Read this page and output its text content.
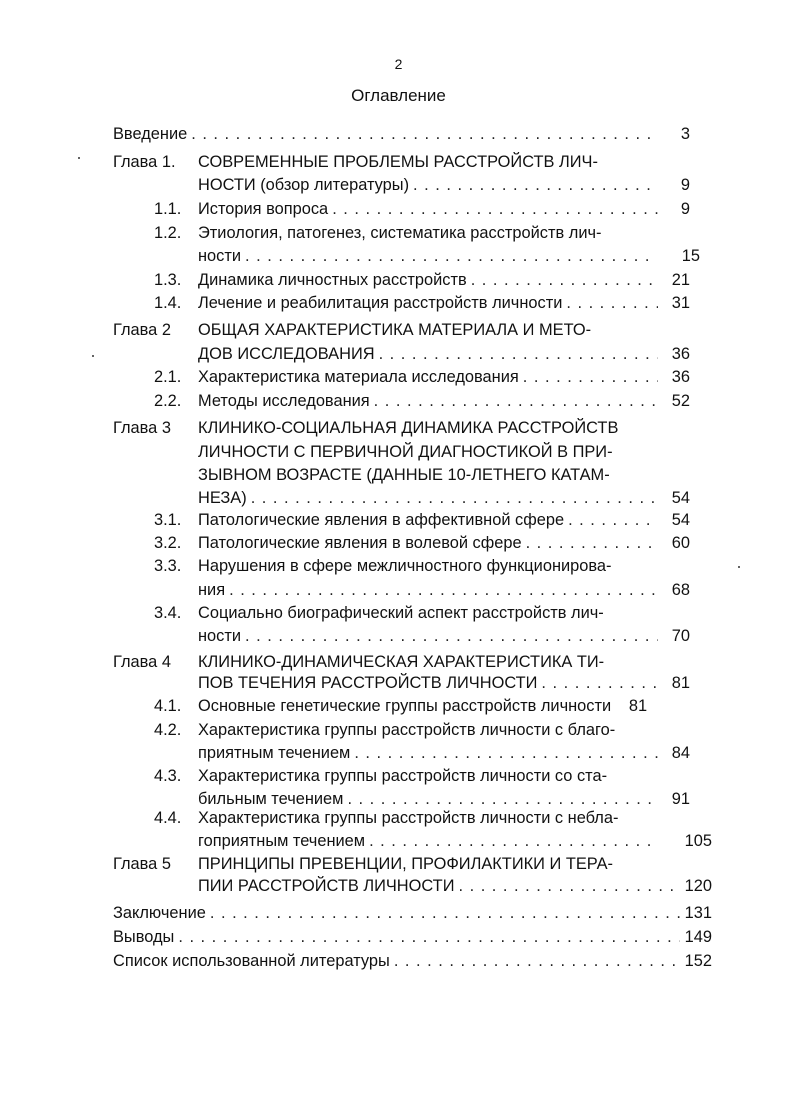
2
Оглавление
Введение . . .	3
Глава 1. СОВРЕМЕННЫЕ ПРОБЛЕМЫ РАССТРОЙСТВ ЛИЧ-
НОСТИ (обзор литературы) . . .	9
1.1. История вопроса . . .	9
1.2. Этиология, патогенез, систематика расстройств лич-
ности . . .	15
1.3. Динамика личностных расстройств . . .	21
1.4. Лечение и реабилитация расстройств личности . . .	31
Глава 2 ОБЩАЯ ХАРАКТЕРИСТИКА МАТЕРИАЛА И МЕТО-
ДОВ ИССЛЕДОВАНИЯ . . .	36
2.1. Характеристика материала исследования . . .	36
2.2. Методы исследования . . .	52
Глава 3 КЛИНИКО-СОЦИАЛЬНАЯ ДИНАМИКА РАССТРОЙСТВ
ЛИЧНОСТИ С ПЕРВИЧНОЙ ДИАГНОСТИКОЙ В ПРИ-
ЗЫВНОМ ВОЗРАСТЕ (ДАННЫЕ 10-ЛЕТНЕГО КАТАМ-
НЕЗА) . . .	54
3.1. Патологические явления в аффективной сфере . . .	54
3.2. Патологические явления в волевой сфере . . .	60
3.3. Нарушения в сфере межличностного функционирова-
ния . . .	68
3.4. Социально биографический аспект расстройств лич-
ности . . .	70
Глава 4 КЛИНИКО-ДИНАМИЧЕСКАЯ ХАРАКТЕРИСТИКА ТИ-
ПОВ ТЕЧЕНИЯ РАССТРОЙСТВ ЛИЧНОСТИ . . .	81
4.1. Основные генетические группы расстройств личности	81
4.2. Характеристика группы расстройств личности с благо-
приятным течением . . .	84
4.3. Характеристика группы расстройств личности со ста-
бильным течением . . .	91
4.4. Характеристика группы расстройств личности с небла-
гоприятным течением . . .	105
Глава 5 ПРИНЦИПЫ ПРЕВЕНЦИИ, ПРОФИЛАКТИКИ И ТЕРА-
ПИИ РАССТРОЙСТВ ЛИЧНОСТИ . . .	120
Заключение . . .	131
Выводы . . .	149
Список использованной литературы . . .	152
